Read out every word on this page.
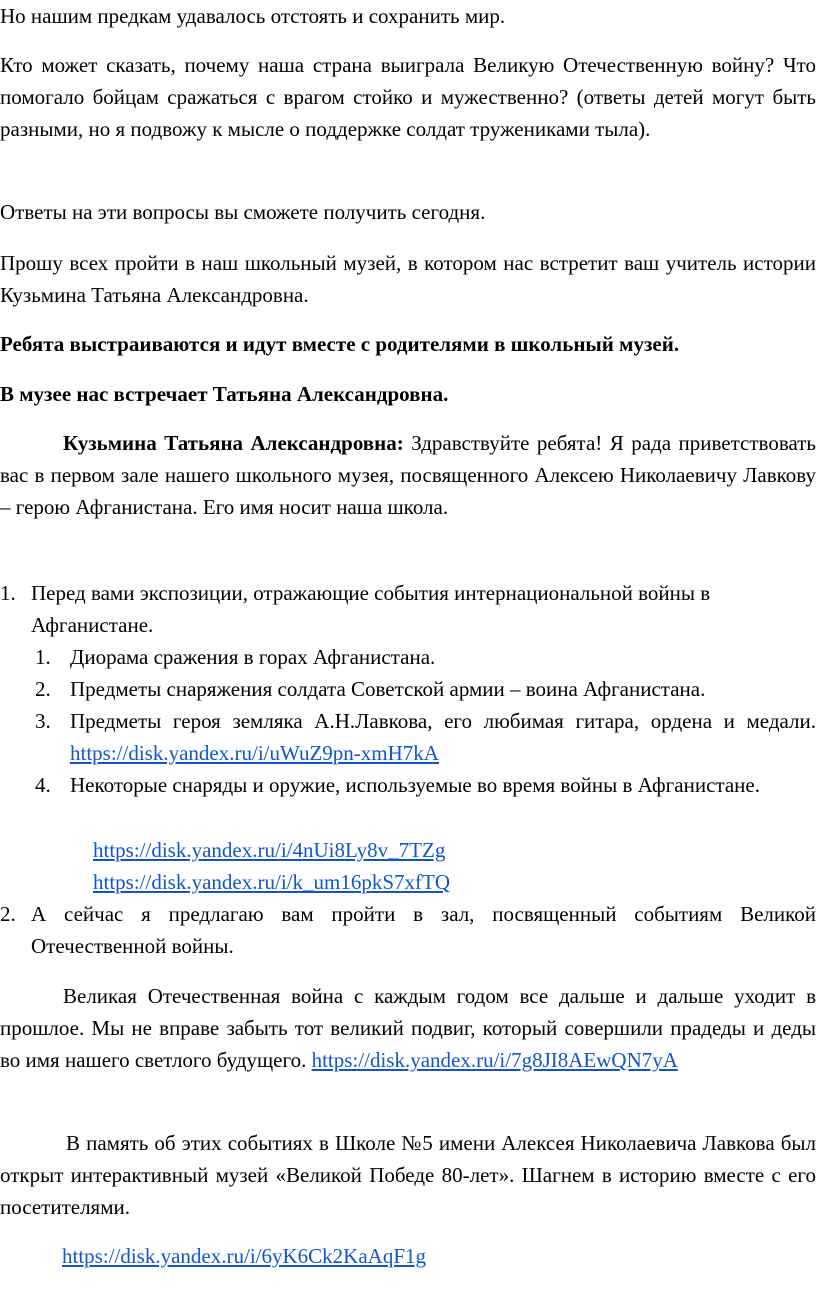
Но нашим предкам удавалось отстоять и сохранить мир.

Кто может сказать, почему наша страна выиграла Великую Отечественную войну? Что помогало бойцам сражаться с врагом стойко и мужественно? (ответы детей могут быть разными, но я подвожу к мысле о поддержке солдат тружениками тыла).

Ответы на эти вопросы вы сможете получить сегодня.

Прошу всех пройти в наш школьный музей, в котором нас встретит ваш учитель истории Кузьмина Татьяна Александровна.

Ребята выстраиваются и идут вместе с родителями в школьный музей.

В музее нас встречает Татьяна Александровна.

Кузьмина Татьяна Александровна: Здравствуйте ребята! Я рада приветствовать вас в первом зале нашего школьного музея, посвященного Алексею Николаевичу Лавкову – герою Афганистана. Его имя носит наша школа.

1. Перед вами экспозиции, отражающие события интернациональной войны в Афганистане.
1. Диорама сражения в горах Афганистана.
2. Предметы снаряжения солдата Советской армии – воина Афганистана.
3. Предметы героя земляка А.Н.Лавкова, его любимая гитара, ордена и медали. https://disk.yandex.ru/i/uWuZ9pn-xmH7kA
4. Некоторые снаряды и оружие, используемые во время войны в Афганистане.
https://disk.yandex.ru/i/4nUi8Ly8v_7TZg
https://disk.yandex.ru/i/k_um16pkS7xfTQ
2. А сейчас я предлагаю вам пройти в зал, посвященный событиям Великой Отечественной войны.

Великая Отечественная война с каждым годом все дальше и дальше уходит в прошлое. Мы не вправе забыть тот великий подвиг, который совершили прадеды и деды во имя нашего светлого будущего. https://disk.yandex.ru/i/7g8JI8AEwQN7yA

В память об этих событиях в Школе №5 имени Алексея Николаевича Лавкова был открыт интерактивный музей «Великой Победе 80-лет». Шагнем в историю вместе с его посетителями.

https://disk.yandex.ru/i/6yK6Ck2KaAqF1g
